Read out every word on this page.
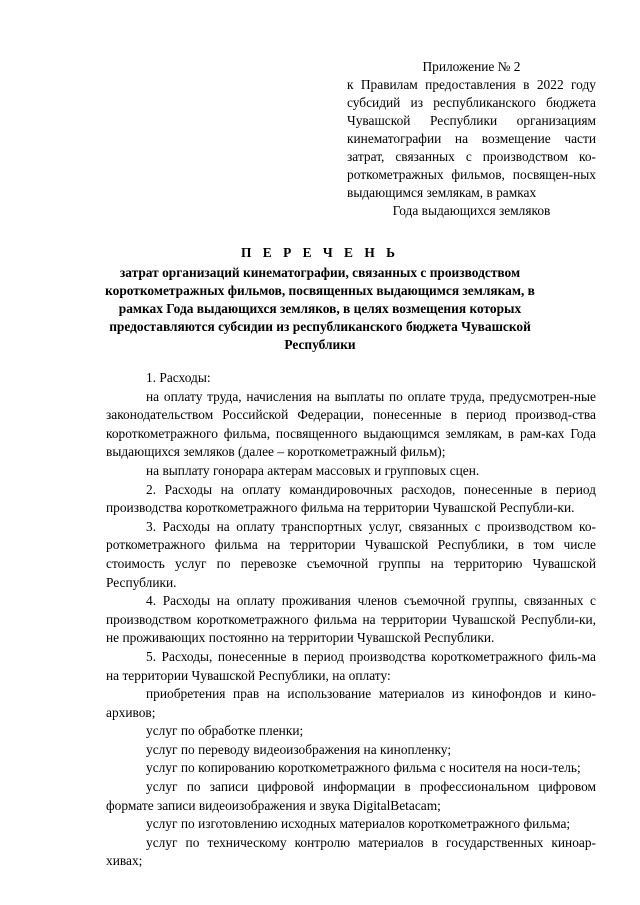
Приложение № 2
к Правилам предоставления в 2022 году субсидий из республиканского бюджета Чувашской Республики организациям кинематографии на возмещение части затрат, связанных с производством ко-роткометражных фильмов, посвящен-ных выдающимся землякам, в рамках
Года выдающихся земляков
П Е Р Е Ч Е Н Ь
затрат организаций кинематографии, связанных с производством короткометражных фильмов, посвященных выдающимся землякам, в рамках Года выдающихся земляков, в целях возмещения которых предоставляются субсидии из республиканского бюджета Чувашской Республики

1. Расходы:

на оплату труда, начисления на выплаты по оплате труда, предусмотрен-ные законодательством Российской Федерации, понесенные в период производ-ства короткометражного фильма, посвященного выдающимся землякам, в рам-ках Года выдающихся земляков (далее – короткометражный фильм);

на выплату гонорара актерам массовых и групповых сцен.

2. Расходы на оплату командировочных расходов, понесенные в период производства короткометражного фильма на территории Чувашской Республи-ки.

3. Расходы на оплату транспортных услуг, связанных с производством ко-роткометражного фильма на территории Чувашской Республики, в том числе стоимость услуг по перевозке съемочной группы на территорию Чувашской Республики.

4. Расходы на оплату проживания членов съемочной группы, связанных с производством короткометражного фильма на территории Чувашской Республи-ки, не проживающих постоянно на территории Чувашской Республики.

5. Расходы, понесенные в период производства короткометражного филь-ма на территории Чувашской Республики, на оплату:

приобретения прав на использование материалов из кинофондов и кино-архивов;

услуг по обработке пленки;

услуг по переводу видеоизображения на кинопленку;

услуг по копированию короткометражного фильма с носителя на носи-тель;

услуг по записи цифровой информации в профессиональном цифровом формате записи видеоизображения и звука DigitalBetacam;

услуг по изготовлению исходных материалов короткометражного фильма;

услуг по техническому контролю материалов в государственных киноар-хивах;
